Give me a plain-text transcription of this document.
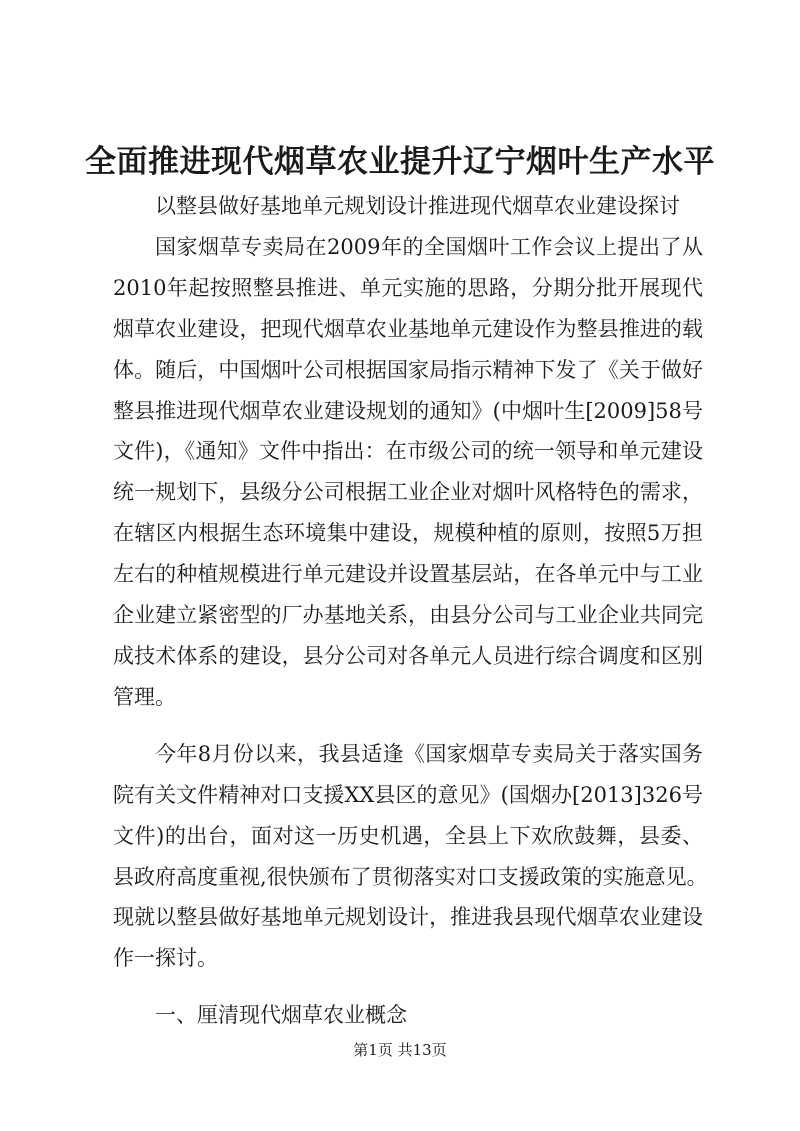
全面推进现代烟草农业提升辽宁烟叶生产水平
以整县做好基地单元规划设计推进现代烟草农业建设探讨
国家烟草专卖局在2009年的全国烟叶工作会议上提出了从
2010年起按照整县推进、单元实施的思路，分期分批开展现代
烟草农业建设，把现代烟草农业基地单元建设作为整县推进的载
体。随后，中国烟叶公司根据国家局指示精神下发了《关于做好
整县推进现代烟草农业建设规划的通知》(中烟叶生[2009]58号
文件)，《通知》文件中指出：在市级公司的统一领导和单元建设
统一规划下，县级分公司根据工业企业对烟叶风格特色的需求，
在辖区内根据生态环境集中建设，规模种植的原则，按照5万担
左右的种植规模进行单元建设并设置基层站，在各单元中与工业
企业建立紧密型的厂办基地关系，由县分公司与工业企业共同完
成技术体系的建设，县分公司对各单元人员进行综合调度和区别
管理。
今年8月份以来，我县适逢《国家烟草专卖局关于落实国务
院有关文件精神对口支援XX县区的意见》(国烟办[2013]326号
文件)的出台，面对这一历史机遇，全县上下欢欣鼓舞，县委、
县政府高度重视,很快颁布了贯彻落实对口支援政策的实施意见。
现就以整县做好基地单元规划设计，推进我县现代烟草农业建设
作一探讨。
一、厘清现代烟草农业概念
第1页 共13页
